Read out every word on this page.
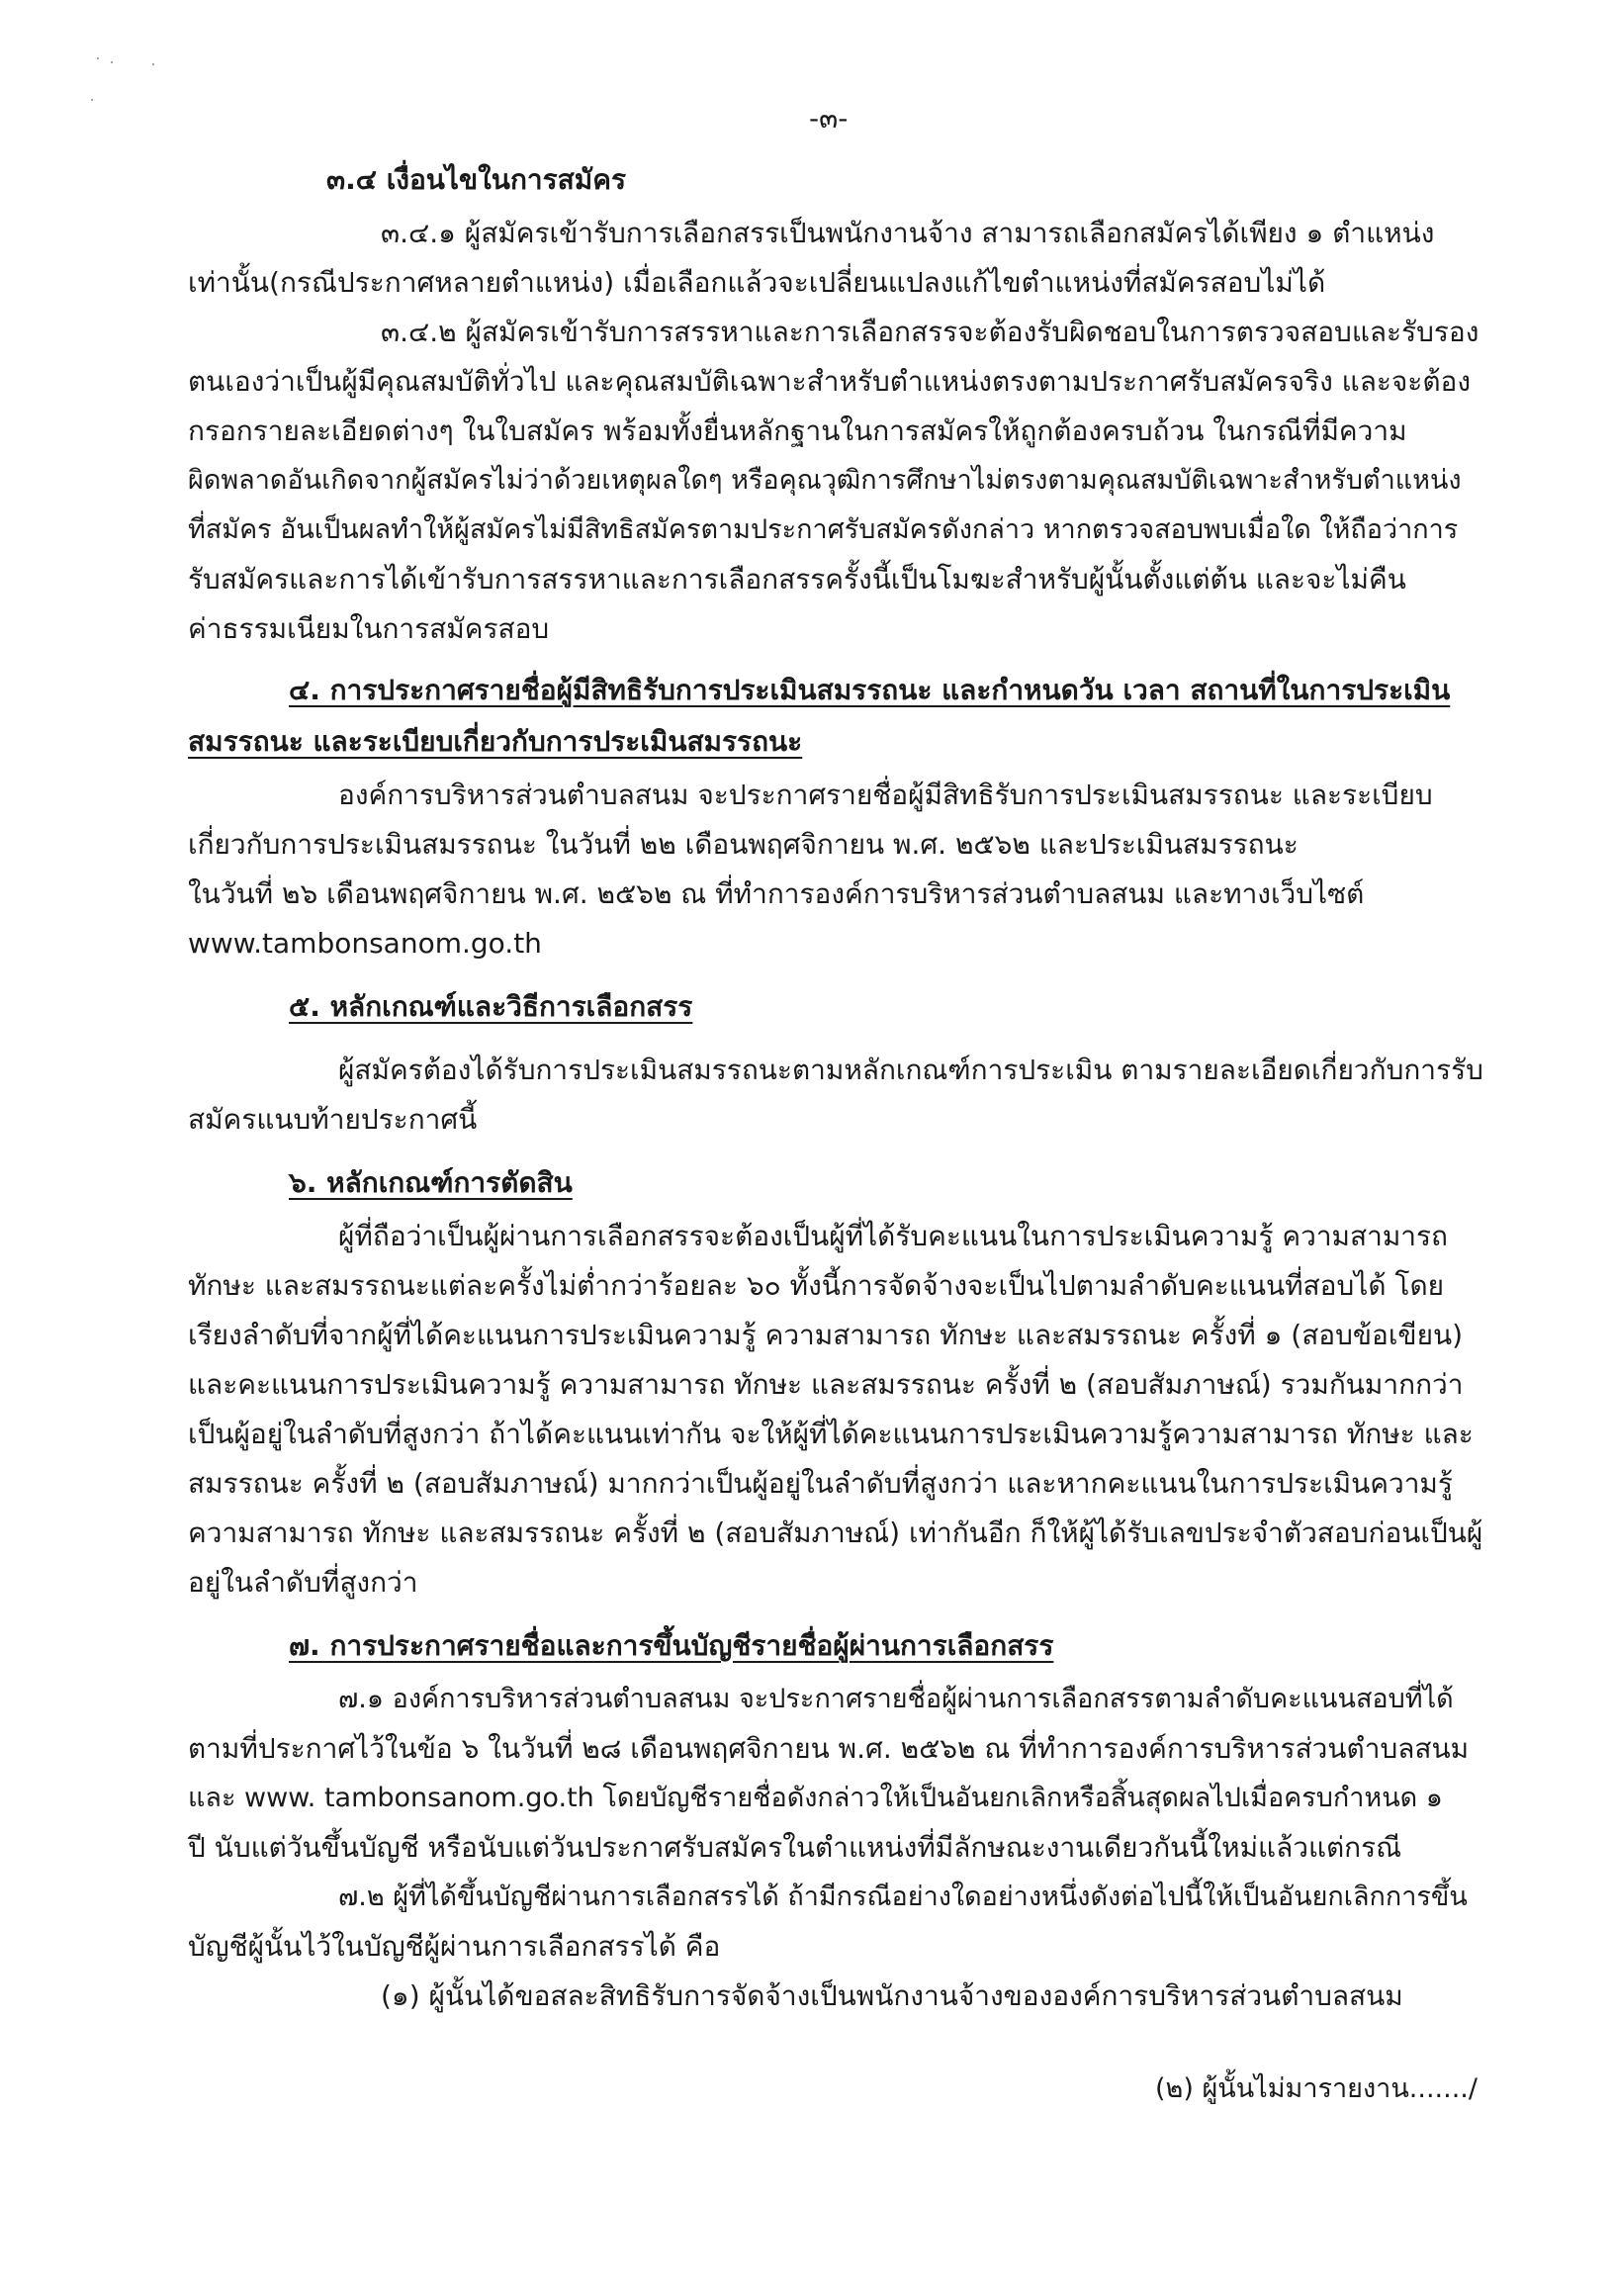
-๓-
๓.๔ เงื่อนไขในการสมัคร
๓.๔.๑ ผู้สมัครเข้ารับการเลือกสรรเป็นพนักงานจ้าง สามารถเลือกสมัครได้เพียง ๑ ตำแหน่ง
เท่านั้น(กรณีประกาศหลายตำแหน่ง) เมื่อเลือกแล้วจะเปลี่ยนแปลงแก้ไขตำแหน่งที่สมัครสอบไม่ได้
๓.๔.๒ ผู้สมัครเข้ารับการสรรหาและการเลือกสรรจะต้องรับผิดชอบในการตรวจสอบและรับรอง
ตนเองว่าเป็นผู้มีคุณสมบัติทั่วไป และคุณสมบัติเฉพาะสำหรับตำแหน่งตรงตามประกาศรับสมัครจริง และจะต้อง
กรอกรายละเอียดต่างๆ ในใบสมัคร พร้อมทั้งยื่นหลักฐานในการสมัครให้ถูกต้องครบถ้วน ในกรณีที่มีความ
ผิดพลาดอันเกิดจากผู้สมัครไม่ว่าด้วยเหตุผลใดๆ หรือคุณวุฒิการศึกษาไม่ตรงตามคุณสมบัติเฉพาะสำหรับตำแหน่ง
ที่สมัคร อันเป็นผลทำให้ผู้สมัครไม่มีสิทธิสมัครตามประกาศรับสมัครดังกล่าว หากตรวจสอบพบเมื่อใด ให้ถือว่าการ
รับสมัครและการได้เข้ารับการสรรหาและการเลือกสรรครั้งนี้เป็นโมฆะสำหรับผู้นั้นตั้งแต่ต้น และจะไม่คืน
ค่าธรรมเนียมในการสมัครสอบ
๔. การประกาศรายชื่อผู้มีสิทธิรับการประเมินสมรรถนะ และกำหนดวัน เวลา สถานที่ในการประเมิน
สมรรถนะ และระเบียบเกี่ยวกับการประเมินสมรรถนะ
องค์การบริหารส่วนตำบลสนม จะประกาศรายชื่อผู้มีสิทธิรับการประเมินสมรรถนะ และระเบียบ
เกี่ยวกับการประเมินสมรรถนะ ในวันที่ ๒๒ เดือนพฤศจิกายน พ.ศ. ๒๕๖๒ และประเมินสมรรถนะ
ในวันที่ ๒๖ เดือนพฤศจิกายน พ.ศ. ๒๕๖๒ ณ ที่ทำการองค์การบริหารส่วนตำบลสนม และทางเว็บไซต์
www.tambonsanom.go.th
๕. หลักเกณฑ์และวิธีการเลือกสรร
ผู้สมัครต้องได้รับการประเมินสมรรถนะตามหลักเกณฑ์การประเมิน ตามรายละเอียดเกี่ยวกับการรับ
สมัครแนบท้ายประกาศนี้
๖. หลักเกณฑ์การตัดสิน
ผู้ที่ถือว่าเป็นผู้ผ่านการเลือกสรรจะต้องเป็นผู้ที่ได้รับคะแนนในการประเมินความรู้ ความสามารถ
ทักษะ และสมรรถนะแต่ละครั้งไม่ต่ำกว่าร้อยละ ๖๐ ทั้งนี้การจัดจ้างจะเป็นไปตามลำดับคะแนนที่สอบได้ โดย
เรียงลำดับที่จากผู้ที่ได้คะแนนการประเมินความรู้ ความสามารถ ทักษะ และสมรรถนะ ครั้งที่ ๑ (สอบข้อเขียน)
และคะแนนการประเมินความรู้ ความสามารถ ทักษะ และสมรรถนะ ครั้งที่ ๒ (สอบสัมภาษณ์) รวมกันมากกว่า
เป็นผู้อยู่ในลำดับที่สูงกว่า ถ้าได้คะแนนเท่ากัน จะให้ผู้ที่ได้คะแนนการประเมินความรู้ความสามารถ ทักษะ และ
สมรรถนะ ครั้งที่ ๒ (สอบสัมภาษณ์) มากกว่าเป็นผู้อยู่ในลำดับที่สูงกว่า และหากคะแนนในการประเมินความรู้
ความสามารถ ทักษะ และสมรรถนะ ครั้งที่ ๒ (สอบสัมภาษณ์) เท่ากันอีก ก็ให้ผู้ได้รับเลขประจำตัวสอบก่อนเป็นผู้
อยู่ในลำดับที่สูงกว่า
๗. การประกาศรายชื่อและการขึ้นบัญชีรายชื่อผู้ผ่านการเลือกสรร
๗.๑ องค์การบริหารส่วนตำบลสนม จะประกาศรายชื่อผู้ผ่านการเลือกสรรตามลำดับคะแนนสอบที่ได้
ตามที่ประกาศไว้ในข้อ ๖ ในวันที่ ๒๘ เดือนพฤศจิกายน พ.ศ. ๒๕๖๒ ณ ที่ทำการองค์การบริหารส่วนตำบลสนม
และ www. tambonsanom.go.th โดยบัญชีรายชื่อดังกล่าวให้เป็นอันยกเลิกหรือสิ้นสุดผลไปเมื่อครบกำหนด ๑
ปี นับแต่วันขึ้นบัญชี หรือนับแต่วันประกาศรับสมัครในตำแหน่งที่มีลักษณะงานเดียวกันนี้ใหม่แล้วแต่กรณี
๗.๒ ผู้ที่ได้ขึ้นบัญชีผ่านการเลือกสรรได้ ถ้ามีกรณีอย่างใดอย่างหนึ่งดังต่อไปนี้ให้เป็นอันยกเลิกการขึ้น
บัญชีผู้นั้นไว้ในบัญชีผู้ผ่านการเลือกสรรได้ คือ
(๑) ผู้นั้นได้ขอสละสิทธิรับการจัดจ้างเป็นพนักงานจ้างขององค์การบริหารส่วนตำบลสนม
(๒) ผู้นั้นไม่มารายงาน......./
